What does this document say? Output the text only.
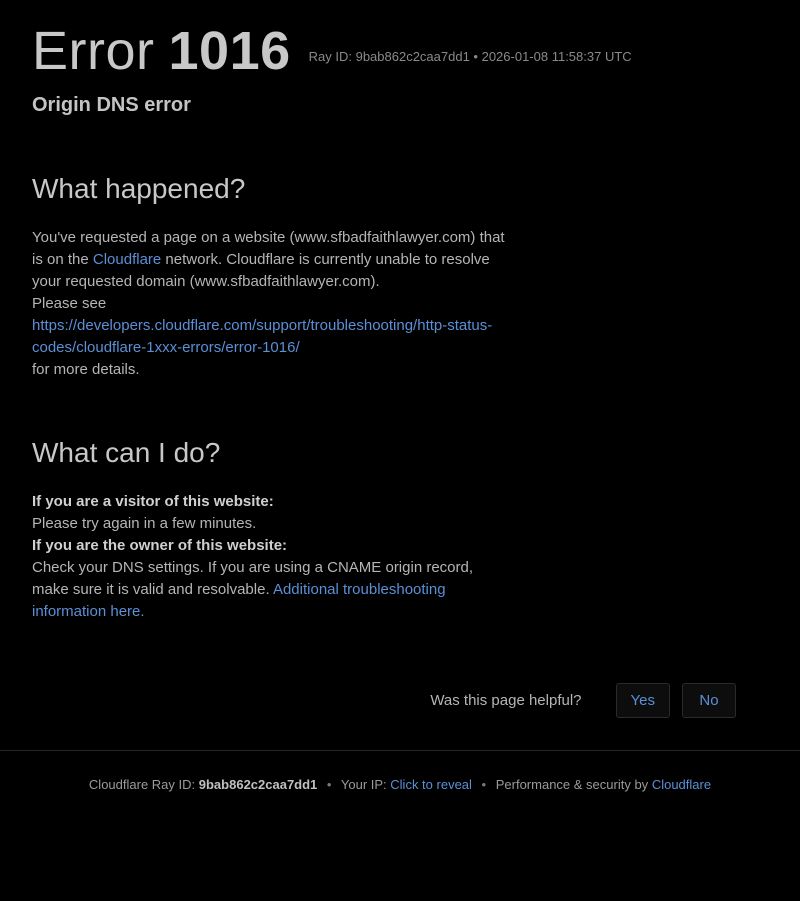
Error 1016 Ray ID: 9bab862c2caa7dd1 • 2026-01-08 11:58:37 UTC
Origin DNS error
What happened?

You've requested a page on a website (www.sfbadfaithlawyer.com) that is on the Cloudflare network. Cloudflare is currently unable to resolve your requested domain (www.sfbadfaithlawyer.com).

Please see

https://developers.cloudflare.com/support/troubleshooting/http-status-codes/cloudflare-1xxx-errors/error-1016/

for more details.

What can I do?

If you are a visitor of this website:

Please try again in a few minutes.

If you are the owner of this website:

Check your DNS settings. If you are using a CNAME origin record, make sure it is valid and resolvable. Additional troubleshooting information here.

Was this page helpful?	Yes	No
Cloudflare Ray ID: 9bab862c2caa7dd1 • Your IP: Click to reveal • Performance & security by Cloudflare
